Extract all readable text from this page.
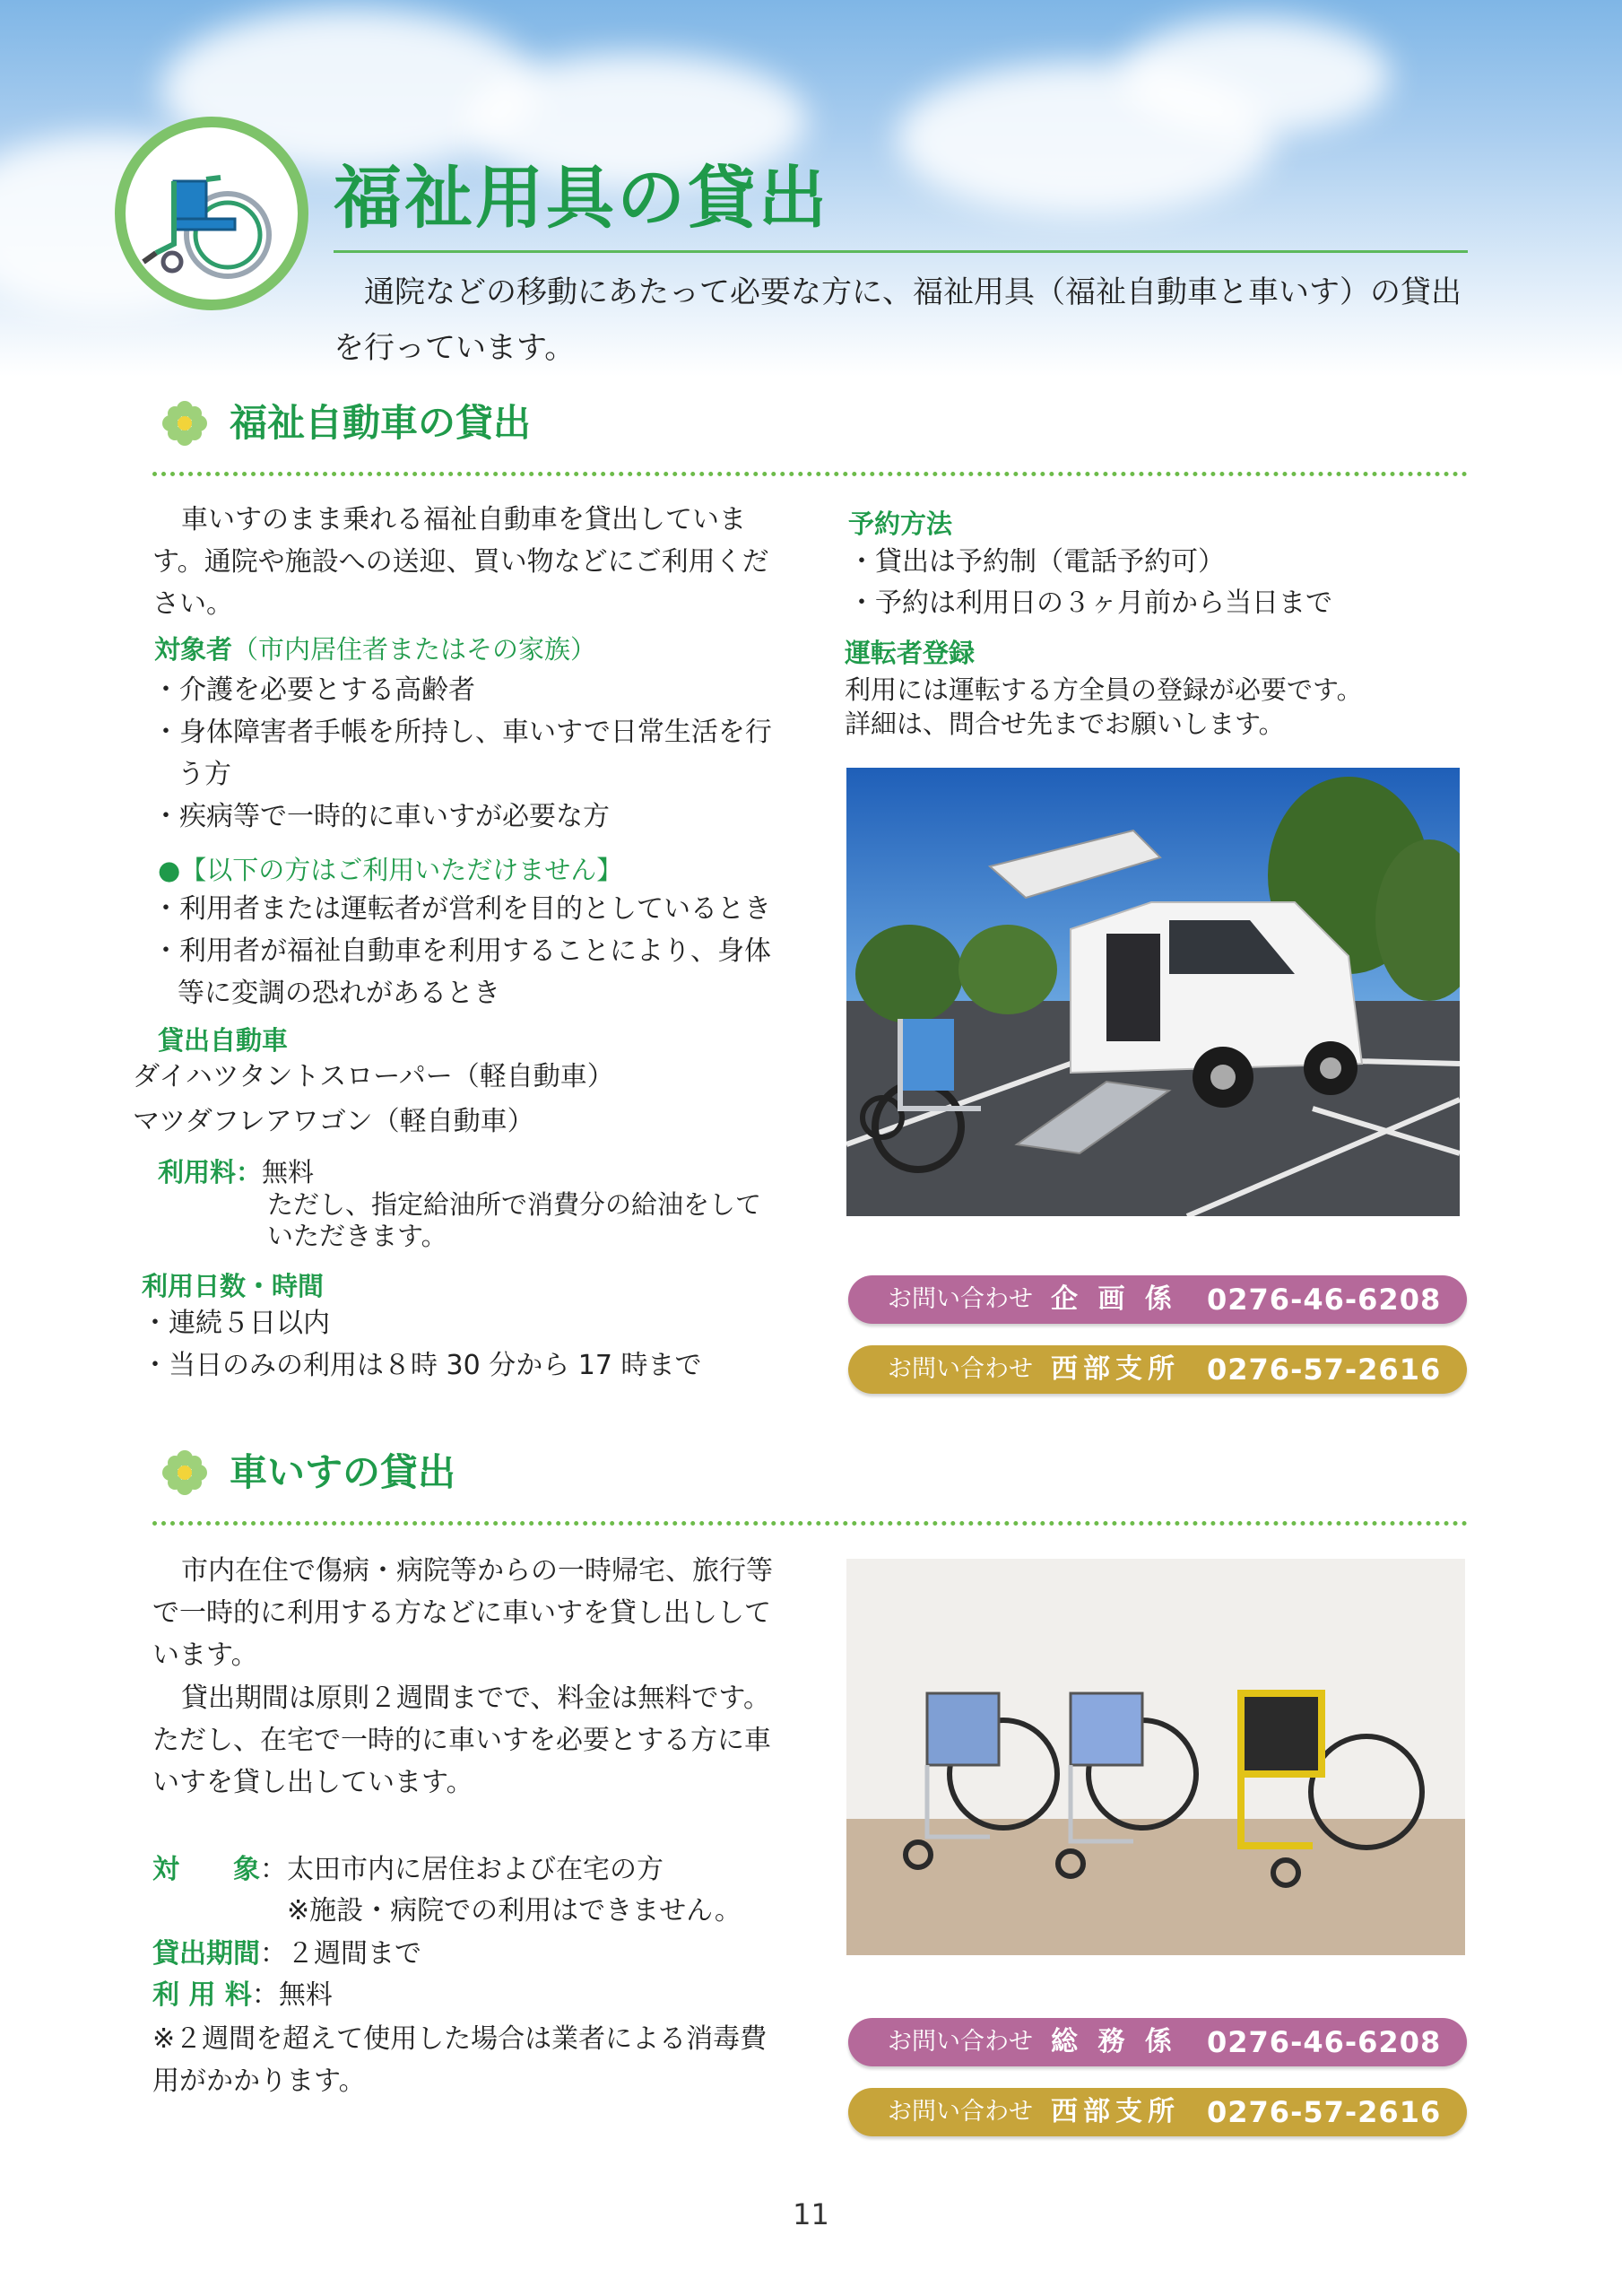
福祉用具の貸出

通院などの移動にあたって必要な方に、福祉用具（福祉自動車と車いす）の貸出を行っています。

福祉自動車の貸出

車いすのまま乗れる福祉自動車を貸出しています。通院や施設への送迎、買い物などにご利用ください。

対象者（市内居住者またはその家族）

・介護を必要とする高齢者
・身体障害者手帳を所持し、車いすで日常生活を行う方
・疾病等で一時的に車いすが必要な方

●【以下の方はご利用いただけません】

・利用者または運転者が営利を目的としているとき
・利用者が福祉自動車を利用することにより、身体等に変調の恐れがあるとき

貸出自動車

ダイハツタントスローパー（軽自動車）

マツダフレアワゴン（軽自動車）

利用料：無料

ただし、指定給油所で消費分の給油をしていただきます。

利用日数・時間

・連続５日以内
・当日のみの利用は８時 30 分から 17 時まで

予約方法

・貸出は予約制（電話予約可）
・予約は利用日の３ヶ月前から当日まで

運転者登録

利用には運転する方全員の登録が必要です。

詳細は、問合せ先までお願いします。

お問い合わせ 企 画 係	0276-46-6208
お問い合わせ 西部支所 0276-57-2616
車いすの貸出

市内在住で傷病・病院等からの一時帰宅、旅行等で一時的に利用する方などに車いすを貸し出ししています。

貸出期間は原則２週間までで、料金は無料です。ただし、在宅で一時的に車いすを必要とする方に車いすを貸し出しています。

対　　象：太田市内に居住および在宅の方

※施設・病院での利用はできません。

貸出期間：２週間まで

利 用 料：無料

※２週間を超えて使用した場合は業者による消毒費用がかかります。

お問い合わせ 総 務 係	0276-46-6208
お問い合わせ 西部支所 0276-57-2616

11
